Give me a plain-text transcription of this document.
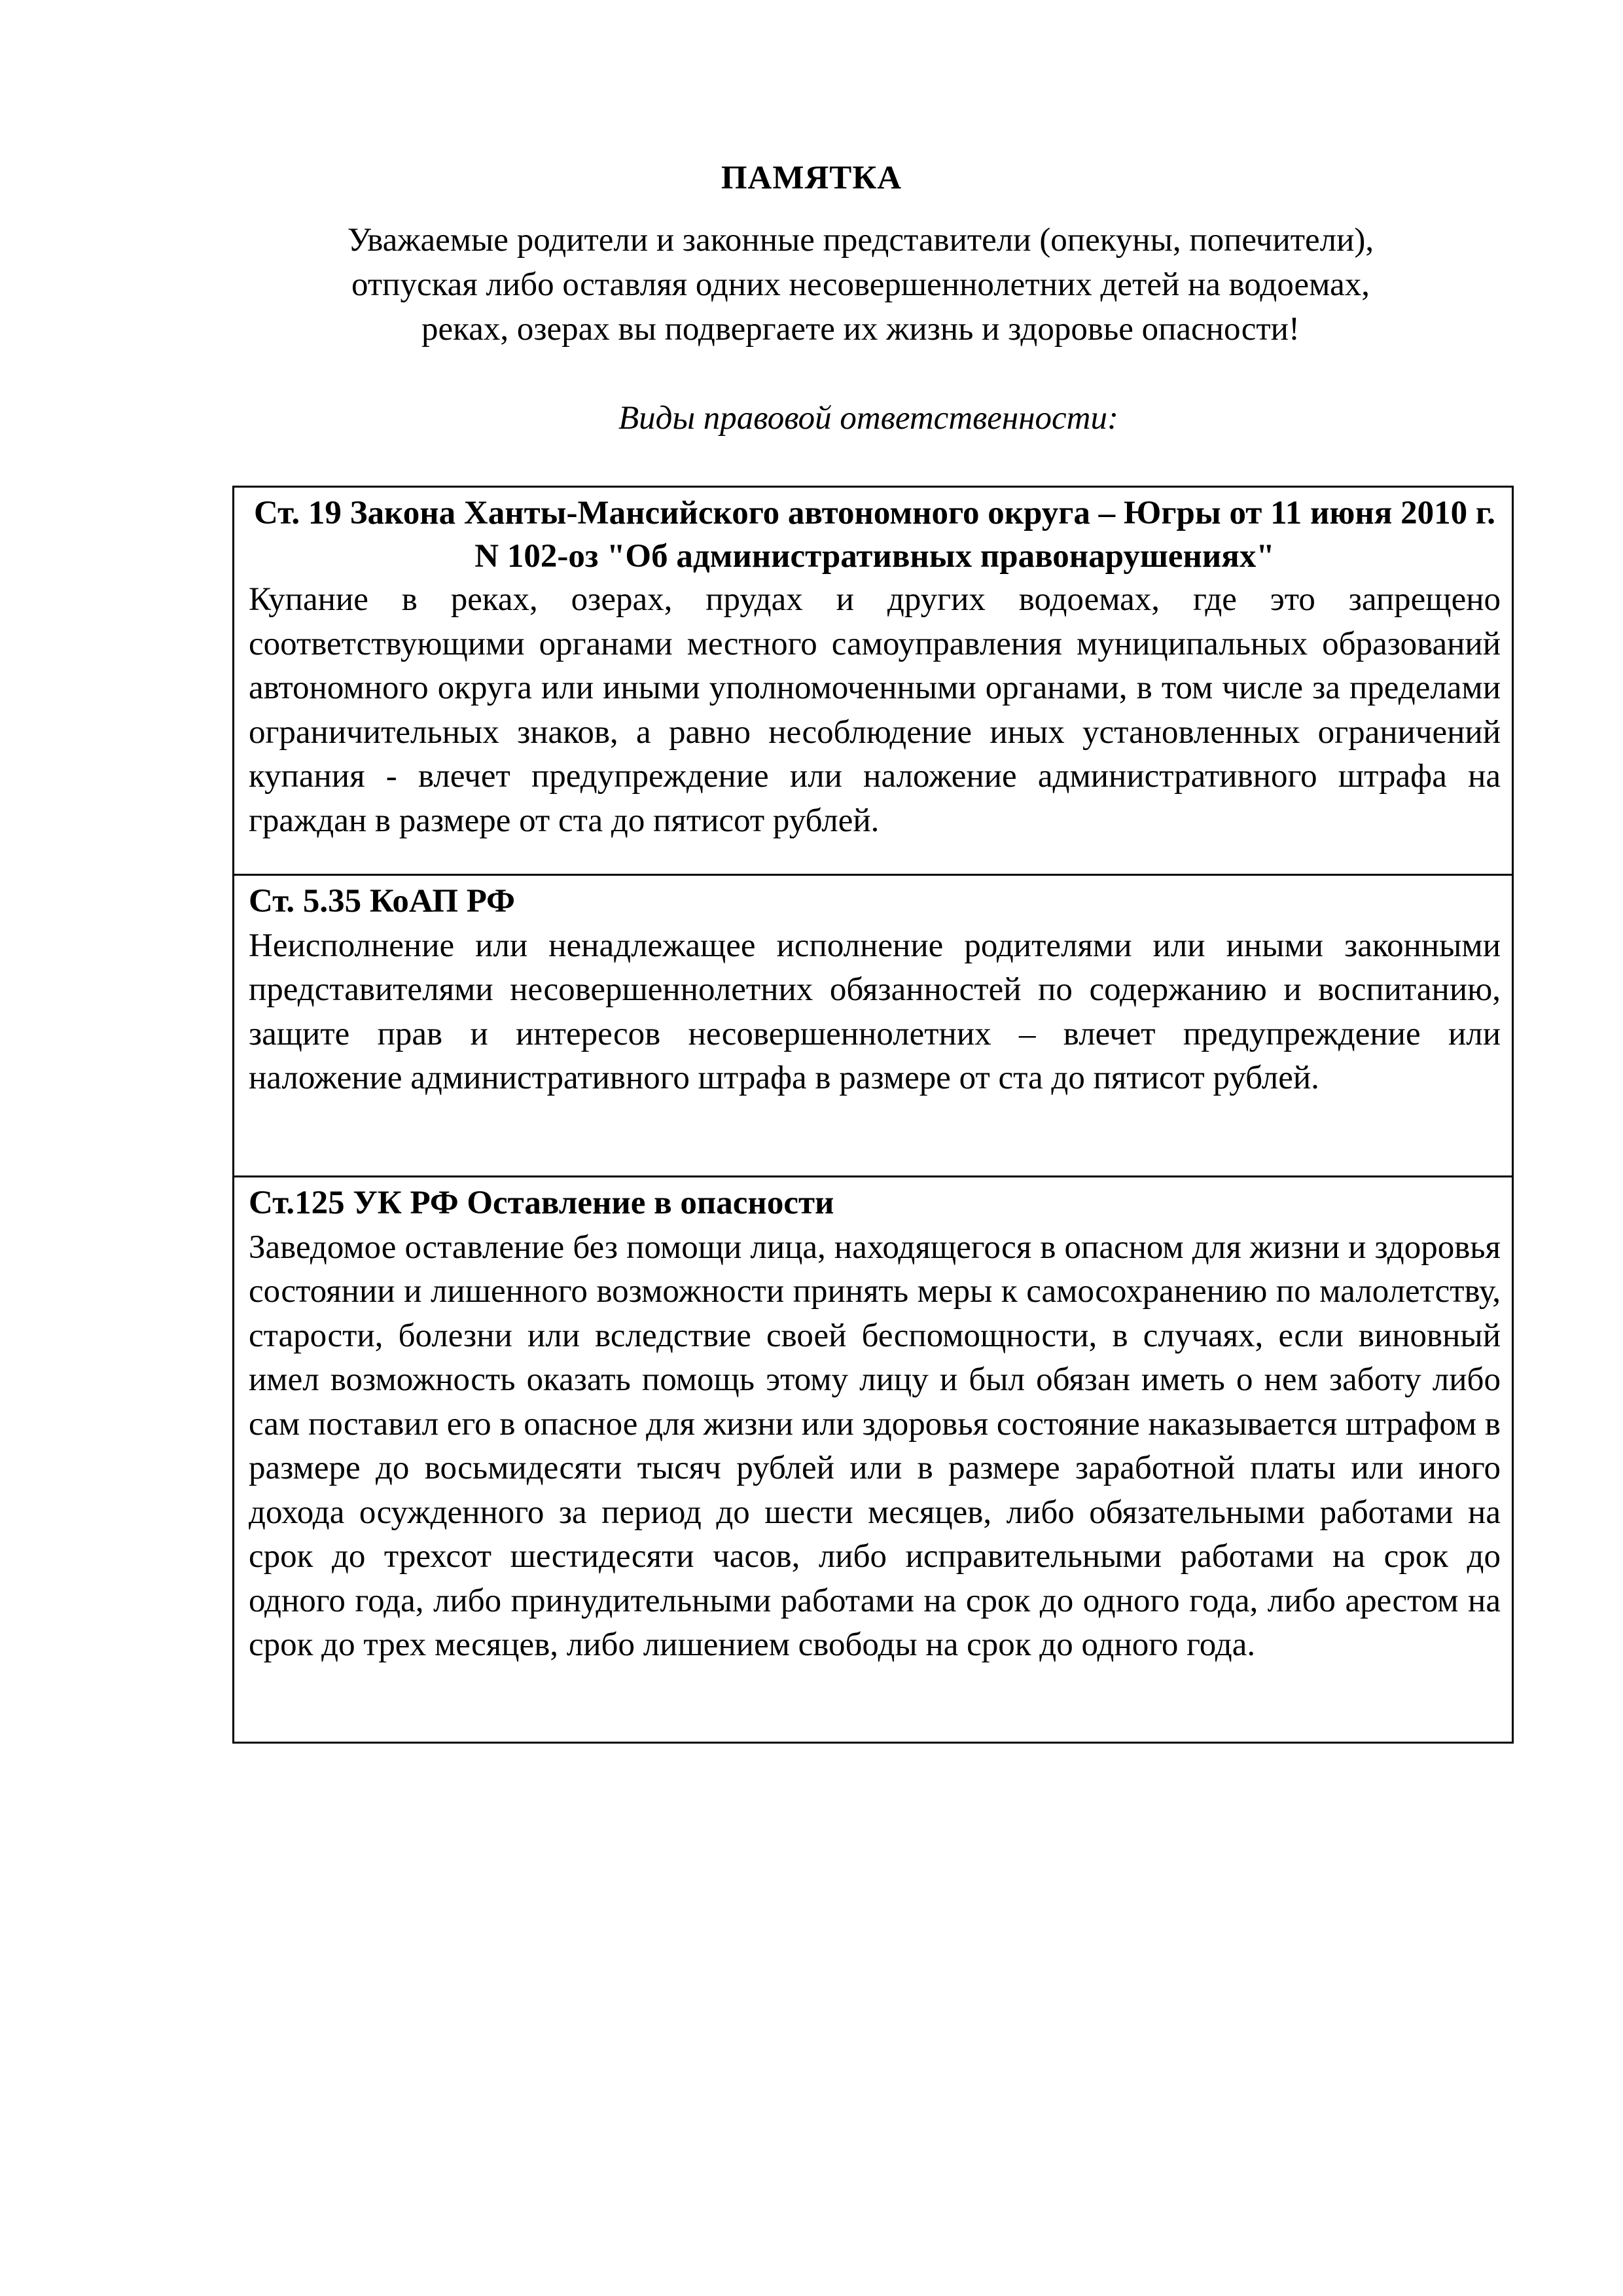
ПАМЯТКА
Уважаемые родители и законные представители (опекуны, попечители),
отпуская либо оставляя одних несовершеннолетних детей на водоемах,
реках, озерах вы подвергаете их жизнь и здоровье опасности!
Виды правовой ответственности:
Ст. 19 Закона Ханты-Мансийского автономного округа – Югры от 11 июня 2010 г. N 102-оз "Об административных правонарушениях"
Купание в реках, озерах, прудах и других водоемах, где это запрещено соответствующими органами местного самоуправления муниципальных образований автономного округа или иными уполномоченными органами, в том числе за пределами ограничительных знаков, а равно несоблюдение иных установленных ограничений купания - влечет предупреждение или наложение административного штрафа на граждан в размере от ста до пятисот рублей.

Ст. 5.35 КоАП РФ
Неисполнение или ненадлежащее исполнение родителями или иными законными представителями несовершеннолетних обязанностей по содержанию и воспитанию, защите прав и интересов несовершеннолетних – влечет предупреждение или наложение административного штрафа в размере от ста до пятисот рублей.

Ст.125 УК РФ Оставление в опасности
Заведомое оставление без помощи лица, находящегося в опасном для жизни и здоровья состоянии и лишенного возможности принять меры к самосохранению по малолетству, старости, болезни или вследствие своей беспомощности, в случаях, если виновный имел возможность оказать помощь этому лицу и был обязан иметь о нем заботу либо сам поставил его в опасное для жизни или здоровья состояние наказывается штрафом в размере до восьмидесяти тысяч рублей или в размере заработной платы или иного дохода осужденного за период до шести месяцев, либо обязательными работами на срок до трехсот шестидесяти часов, либо исправительными работами на срок до одного года, либо принудительными работами на срок до одного года, либо арестом на срок до трех месяцев, либо лишением свободы на срок до одного года.
